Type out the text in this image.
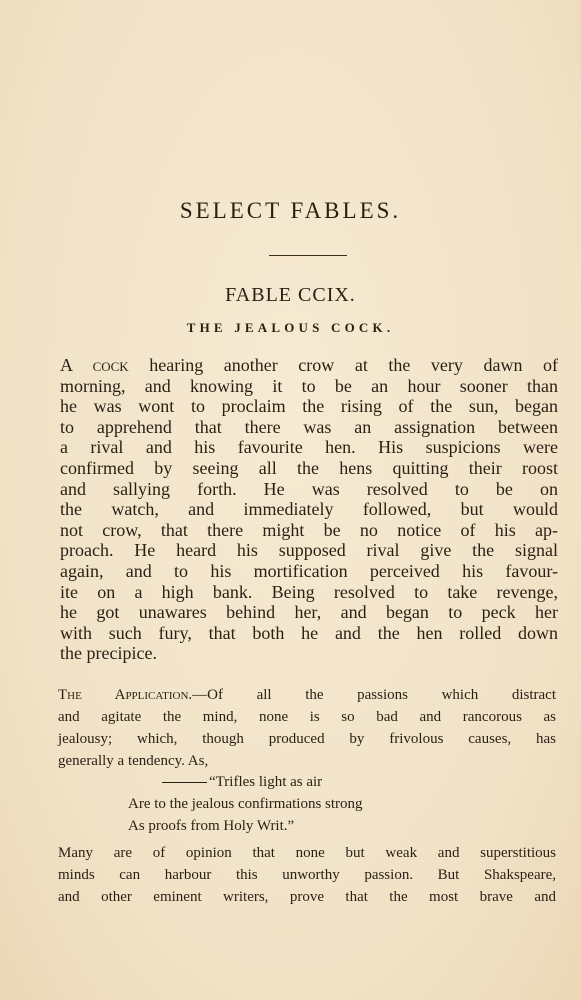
SELECT FABLES.
FABLE CCIX.
THE JEALOUS COCK.
A cock hearing another crow at the very dawn of
morning, and knowing it to be an hour sooner than
he was wont to proclaim the rising of the sun, began
to apprehend that there was an assignation between
a rival and his favourite hen. His suspicions were
confirmed by seeing all the hens quitting their roost
and sallying forth. He was resolved to be on
the watch, and immediately followed, but would
not crow, that there might be no notice of his ap-
proach. He heard his supposed rival give the signal
again, and to his mortification perceived his favour-
ite on a high bank. Being resolved to take revenge,
he got unawares behind her, and began to peck her
with such fury, that both he and the hen rolled down
the precipice.
The Application.—Of all the passions which distract
and agitate the mind, none is so bad and rancorous as
jealousy; which, though produced by frivolous causes, has
generally a tendency. As,
“Trifles light as air
Are to the jealous confirmations strong
As proofs from Holy Writ.”
Many are of opinion that none but weak and superstitious
minds can harbour this unworthy passion. But Shakspeare,
and other eminent writers, prove that the most brave and
